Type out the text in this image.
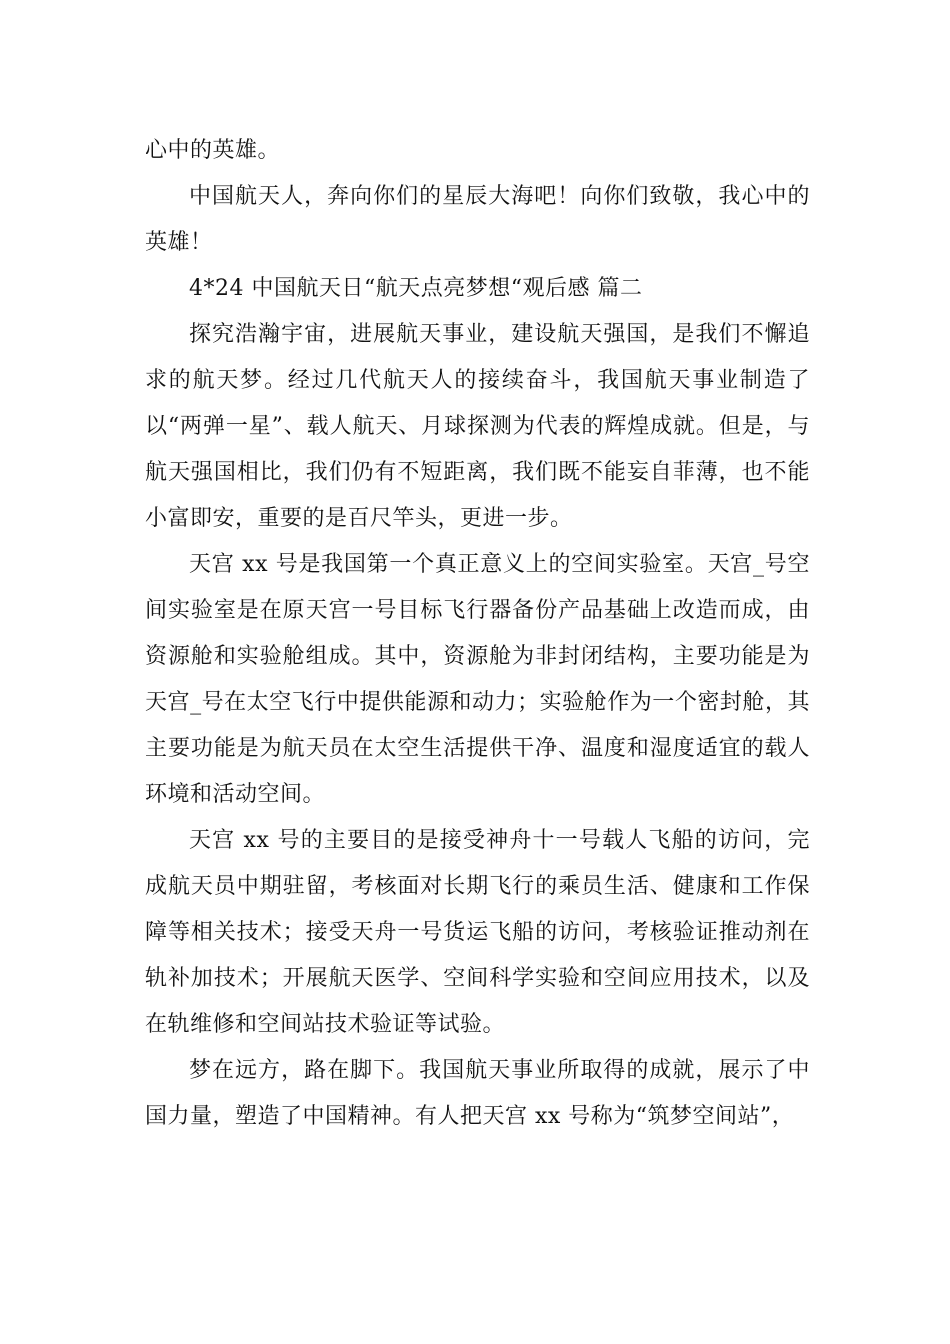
心中的英雄。

中国航天人，奔向你们的星辰大海吧！向你们致敬，我心中的英雄！

4*24 中国航天日“航天点亮梦想“观后感 篇二

探究浩瀚宇宙，进展航天事业，建设航天强国，是我们不懈追求的航天梦。经过几代航天人的接续奋斗，我国航天事业制造了以“两弹一星”、载人航天、月球探测为代表的辉煌成就。但是，与航天强国相比，我们仍有不短距离，我们既不能妄自菲薄，也不能小富即安，重要的是百尺竿头，更进一步。

天宫 xx 号是我国第一个真正意义上的空间实验室。天宫_号空间实验室是在原天宫一号目标飞行器备份产品基础上改造而成，由资源舱和实验舱组成。其中，资源舱为非封闭结构，主要功能是为天宫_号在太空飞行中提供能源和动力；实验舱作为一个密封舱，其主要功能是为航天员在太空生活提供干净、温度和湿度适宜的载人环境和活动空间。

天宫 xx 号的主要目的是接受神舟十一号载人飞船的访问，完成航天员中期驻留，考核面对长期飞行的乘员生活、健康和工作保障等相关技术；接受天舟一号货运飞船的访问，考核验证推动剂在轨补加技术；开展航天医学、空间科学实验和空间应用技术，以及在轨维修和空间站技术验证等试验。

梦在远方，路在脚下。我国航天事业所取得的成就，展示了中国力量，塑造了中国精神。有人把天宫 xx 号称为“筑梦空间站”，
